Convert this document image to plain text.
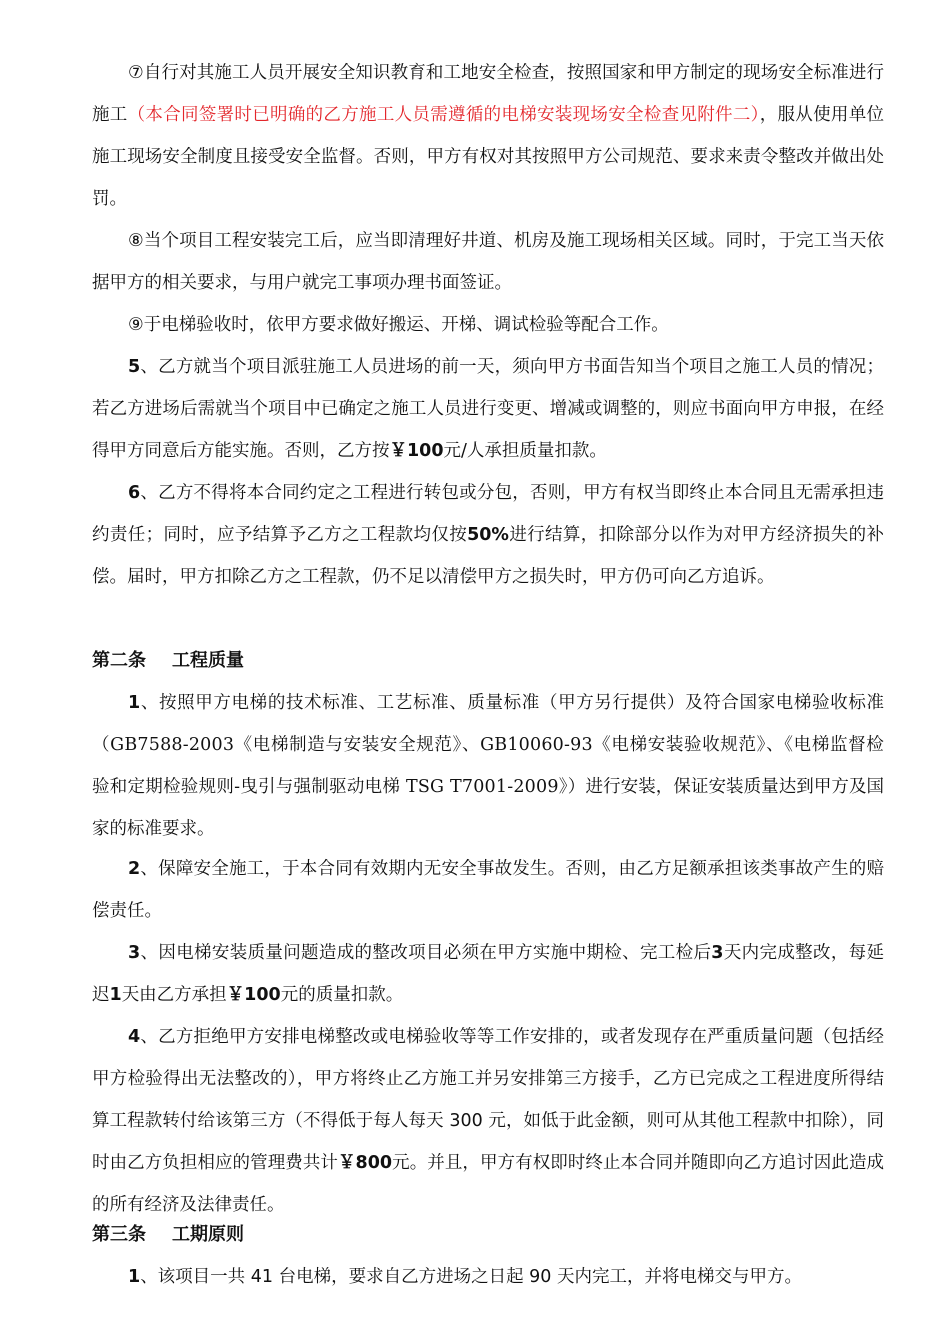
⑦自行对其施工人员开展安全知识教育和工地安全检查，按照国家和甲方制定的现场安全标准进行施工（本合同签署时已明确的乙方施工人员需遵循的电梯安装现场安全检查见附件二），服从使用单位施工现场安全制度且接受安全监督。否则，甲方有权对其按照甲方公司规范、要求来责令整改并做出处罚。

⑧当个项目工程安装完工后，应当即清理好井道、机房及施工现场相关区域。同时，于完工当天依据甲方的相关要求，与用户就完工事项办理书面签证。

⑨于电梯验收时，依甲方要求做好搬运、开梯、调试检验等配合工作。

5、乙方就当个项目派驻施工人员进场的前一天，须向甲方书面告知当个项目之施工人员的情况；若乙方进场后需就当个项目中已确定之施工人员进行变更、增减或调整的，则应书面向甲方申报，在经得甲方同意后方能实施。否则，乙方按￥100元/人承担质量扣款。

6、乙方不得将本合同约定之工程进行转包或分包，否则，甲方有权当即终止本合同且无需承担违约责任；同时，应予结算予乙方之工程款均仅按50%进行结算，扣除部分以作为对甲方经济损失的补偿。届时，甲方扣除乙方之工程款，仍不足以清偿甲方之损失时，甲方仍可向乙方追诉。

第二条 工程质量

1、按照甲方电梯的技术标准、工艺标准、质量标准（甲方另行提供）及符合国家电梯验收标准（GB7588-2003《电梯制造与安装安全规范》、GB10060-93《电梯安装验收规范》、《电梯监督检验和定期检验规则-曳引与强制驱动电梯 TSG T7001-2009》）进行安装，保证安装质量达到甲方及国家的标准要求。

2、保障安全施工，于本合同有效期内无安全事故发生。否则，由乙方足额承担该类事故产生的赔偿责任。

3、因电梯安装质量问题造成的整改项目必须在甲方实施中期检、完工检后3天内完成整改，每延迟1天由乙方承担￥100元的质量扣款。

4、乙方拒绝甲方安排电梯整改或电梯验收等等工作安排的，或者发现存在严重质量问题（包括经甲方检验得出无法整改的），甲方将终止乙方施工并另安排第三方接手，乙方已完成之工程进度所得结算工程款转付给该第三方（不得低于每人每天 300 元，如低于此金额，则可从其他工程款中扣除），同时由乙方负担相应的管理费共计￥800元。并且，甲方有权即时终止本合同并随即向乙方追讨因此造成的所有经济及法律责任。

第三条 工期原则

1、该项目一共 41 台电梯，要求自乙方进场之日起 90 天内完工，并将电梯交与甲方。
